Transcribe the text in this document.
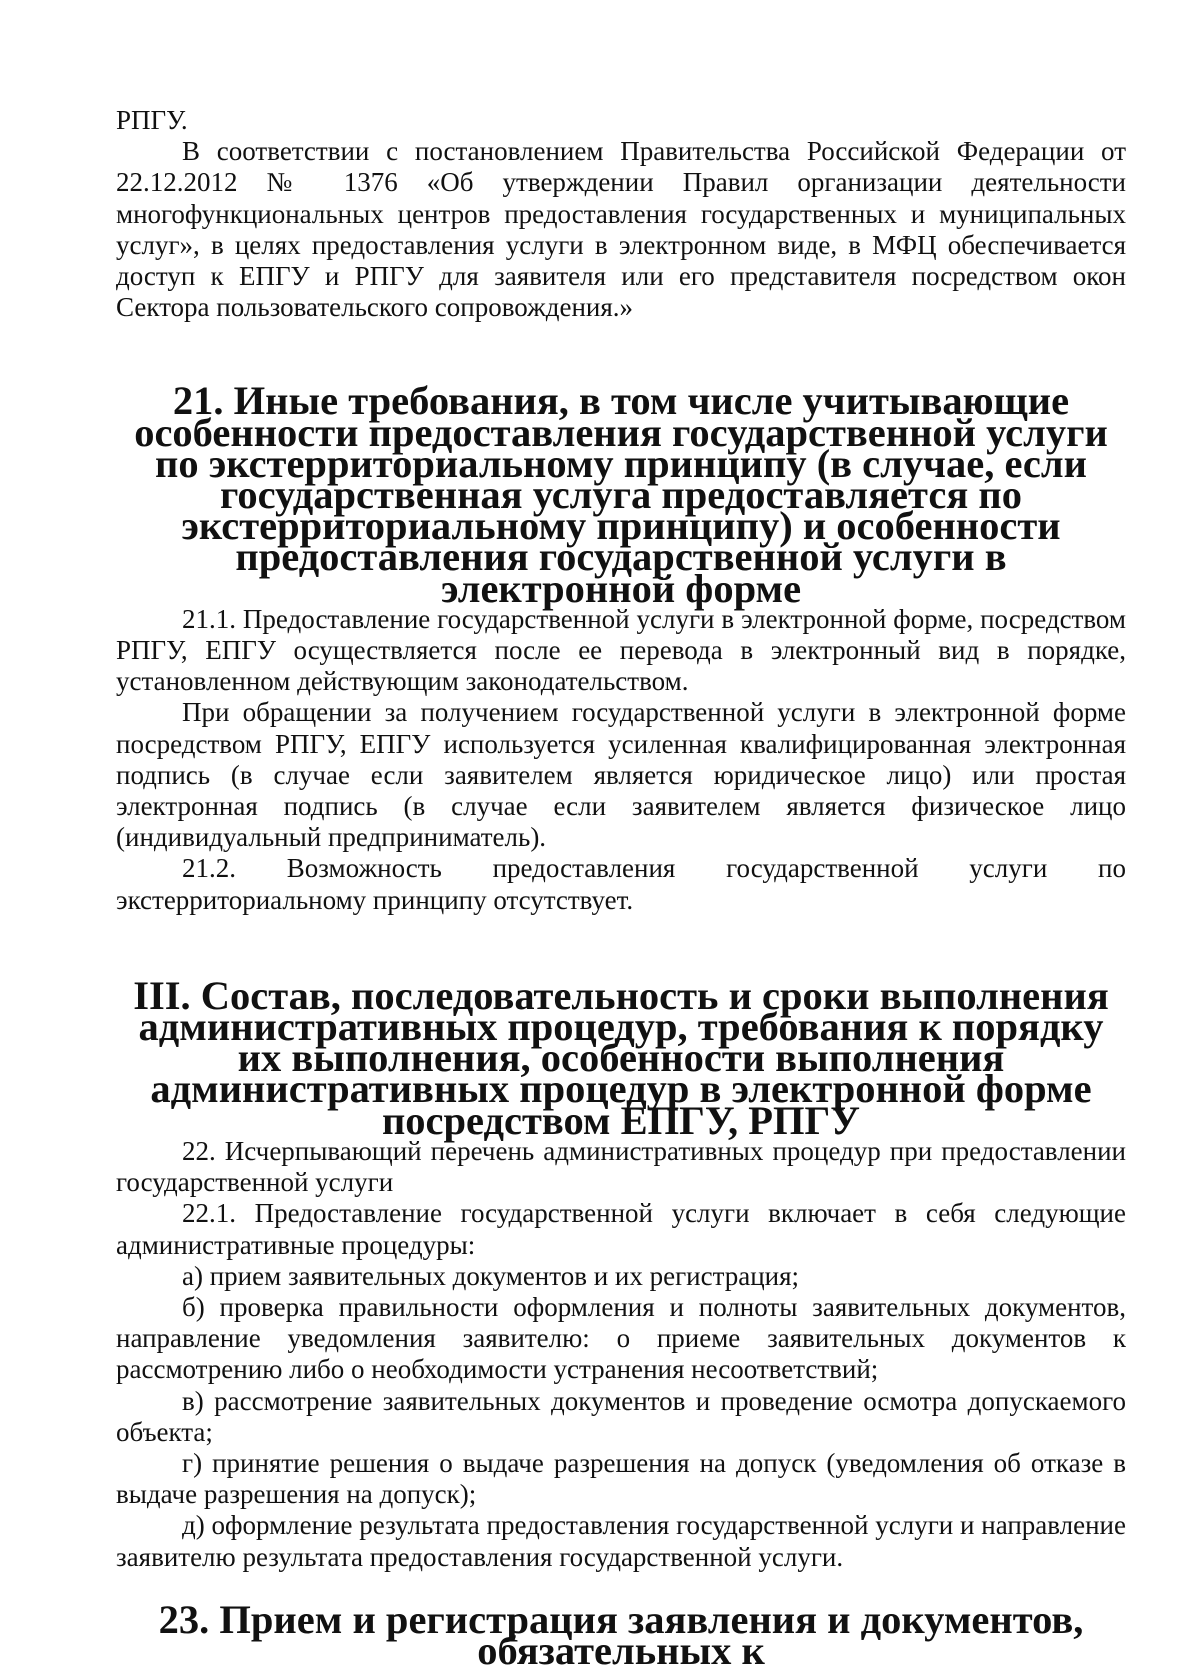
РПГУ.

В соответствии с постановлением Правительства Российской Федерации от 22.12.2012 № 1376 «Об утверждении Правил организации деятельности многофункциональных центров предоставления государственных и муниципальных услуг», в целях предоставления услуги в электронном виде, в МФЦ обеспечивается доступ к ЕПГУ и РПГУ для заявителя или его представителя посредством окон Сектора пользовательского сопровождения.»

21. Иные требования, в том числе учитывающие особенности предоставления государственной услуги по экстерриториальному принципу (в случае, если государственная услуга предоставляется по экстерриториальному принципу) и особенности предоставления государственной услуги в электронной форме

21.1. Предоставление государственной услуги в электронной форме, посредством РПГУ, ЕПГУ осуществляется после ее перевода в электронный вид в порядке, установленном действующим законодательством.

При обращении за получением государственной услуги в электронной форме посредством РПГУ, ЕПГУ используется усиленная квалифицированная электронная подпись (в случае если заявителем является юридическое лицо) или простая электронная подпись (в случае если заявителем является физическое лицо (индивидуальный предприниматель).

21.2. Возможность предоставления государственной услуги по экстерриториальному принципу отсутствует.

III. Состав, последовательность и сроки выполнения административных процедур, требования к порядку их выполнения, особенности выполнения административных процедур в электронной форме посредством ЕПГУ, РПГУ

22. Исчерпывающий перечень административных процедур при предоставлении государственной услуги

22.1. Предоставление государственной услуги включает в себя следующие административные процедуры:

а) прием заявительных документов и их регистрация;

б) проверка правильности оформления и полноты заявительных документов, направление уведомления заявителю: о приеме заявительных документов к рассмотрению либо о необходимости устранения несоответствий;

в) рассмотрение заявительных документов и проведение осмотра допускаемого объекта;

г) принятие решения о выдаче разрешения на допуск (уведомления об отказе в выдаче разрешения на допуск);

д) оформление результата предоставления государственной услуги и направление заявителю результата предоставления государственной услуги.

23. Прием и регистрация заявления и документов, обязательных к
